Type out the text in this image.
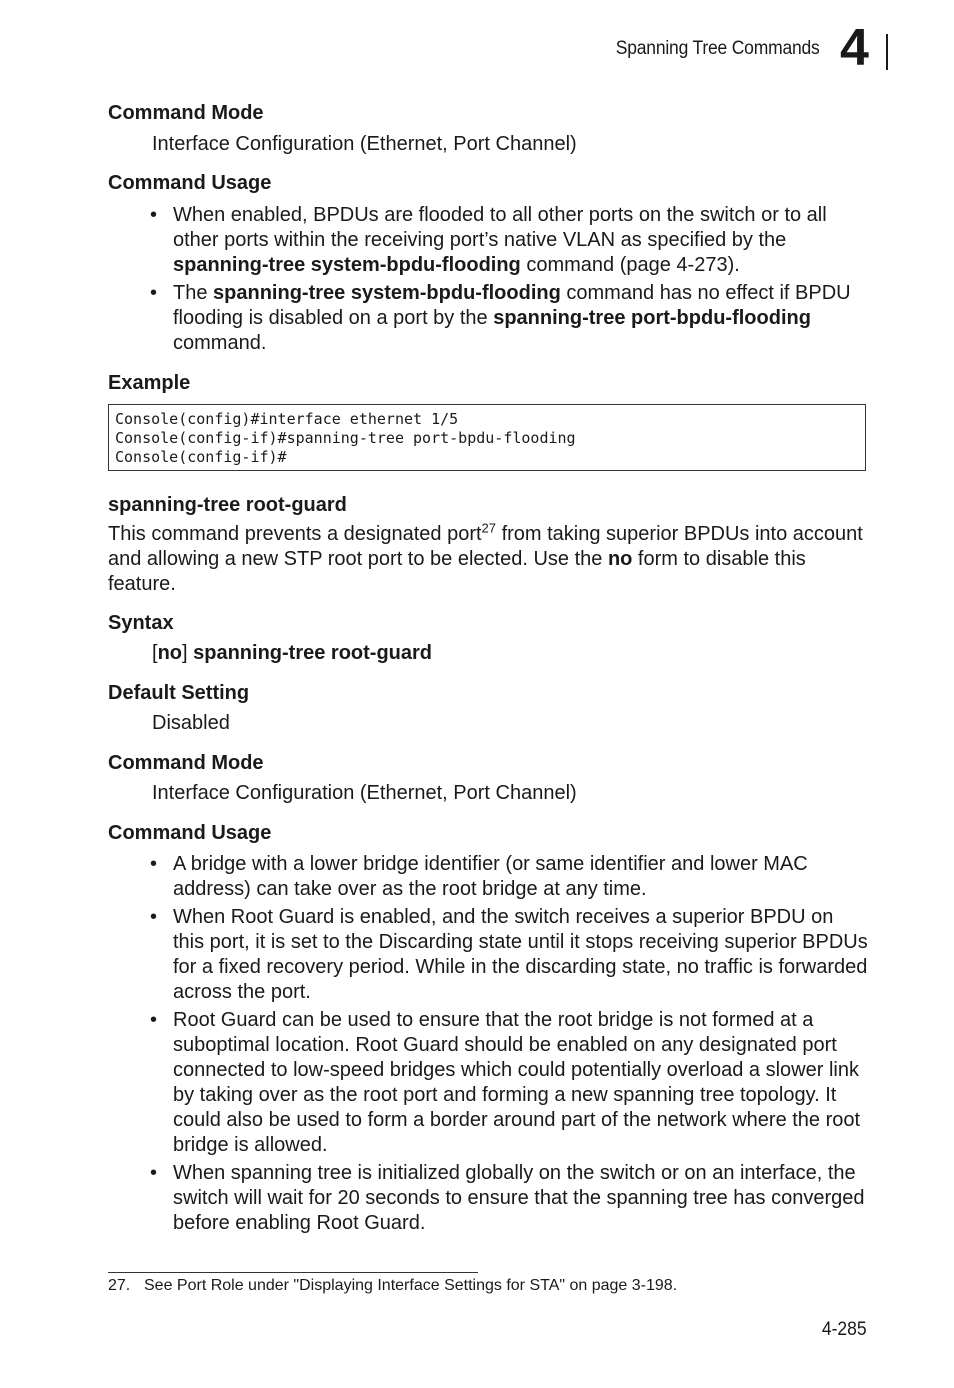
Spanning Tree Commands 4
Command Mode
Interface Configuration (Ethernet, Port Channel)
Command Usage
• When enabled, BPDUs are flooded to all other ports on the switch or to all other ports within the receiving port’s native VLAN as specified by the spanning-tree system-bpdu-flooding command (page 4-273).
• The spanning-tree system-bpdu-flooding command has no effect if BPDU flooding is disabled on a port by the spanning-tree port-bpdu-flooding command.
Example
Console(config)#interface ethernet 1/5
Console(config-if)#spanning-tree port-bpdu-flooding
Console(config-if)#
spanning-tree root-guard
This command prevents a designated port$^{27}$ from taking superior BPDUs into account and allowing a new STP root port to be elected. Use the no form to disable this feature.
Syntax
[no] spanning-tree root-guard
Default Setting
Disabled
Command Mode
Interface Configuration (Ethernet, Port Channel)
Command Usage
• A bridge with a lower bridge identifier (or same identifier and lower MAC address) can take over as the root bridge at any time.
• When Root Guard is enabled, and the switch receives a superior BPDU on this port, it is set to the Discarding state until it stops receiving superior BPDUs for a fixed recovery period. While in the discarding state, no traffic is forwarded across the port.
• Root Guard can be used to ensure that the root bridge is not formed at a suboptimal location. Root Guard should be enabled on any designated port connected to low-speed bridges which could potentially overload a slower link by taking over as the root port and forming a new spanning tree topology. It could also be used to form a border around part of the network where the root bridge is allowed.
• When spanning tree is initialized globally on the switch or on an interface, the switch will wait for 20 seconds to ensure that the spanning tree has converged before enabling Root Guard.
27. See Port Role under "Displaying Interface Settings for STA" on page 3-198.
4-285
